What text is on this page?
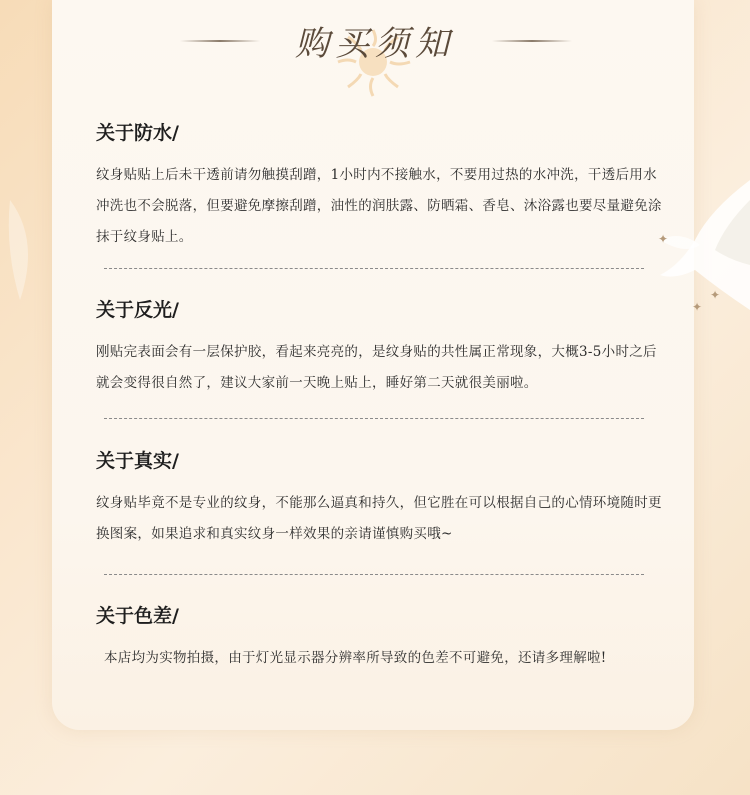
✦
✦
✦
购买须知
关于防水/

纹身贴贴上后未干透前请勿触摸刮蹭，1小时内不接触水，不要用过热的水冲洗，干透后用水冲洗也不会脱落，但要避免摩擦刮蹭，油性的润肤露、防晒霜、香皂、沐浴露也要尽量避免涂抹于纹身贴上。

关于反光/

刚贴完表面会有一层保护胶，看起来亮亮的，是纹身贴的共性属正常现象，大概3-5小时之后就会变得很自然了，建议大家前一天晚上贴上，睡好第二天就很美丽啦。

关于真实/

纹身贴毕竟不是专业的纹身，不能那么逼真和持久，但它胜在可以根据自己的心情环境随时更换图案，如果追求和真实纹身一样效果的亲请谨慎购买哦~

关于色差/

本店均为实物拍摄，由于灯光显示器分辨率所导致的色差不可避免，还请多理解啦!
